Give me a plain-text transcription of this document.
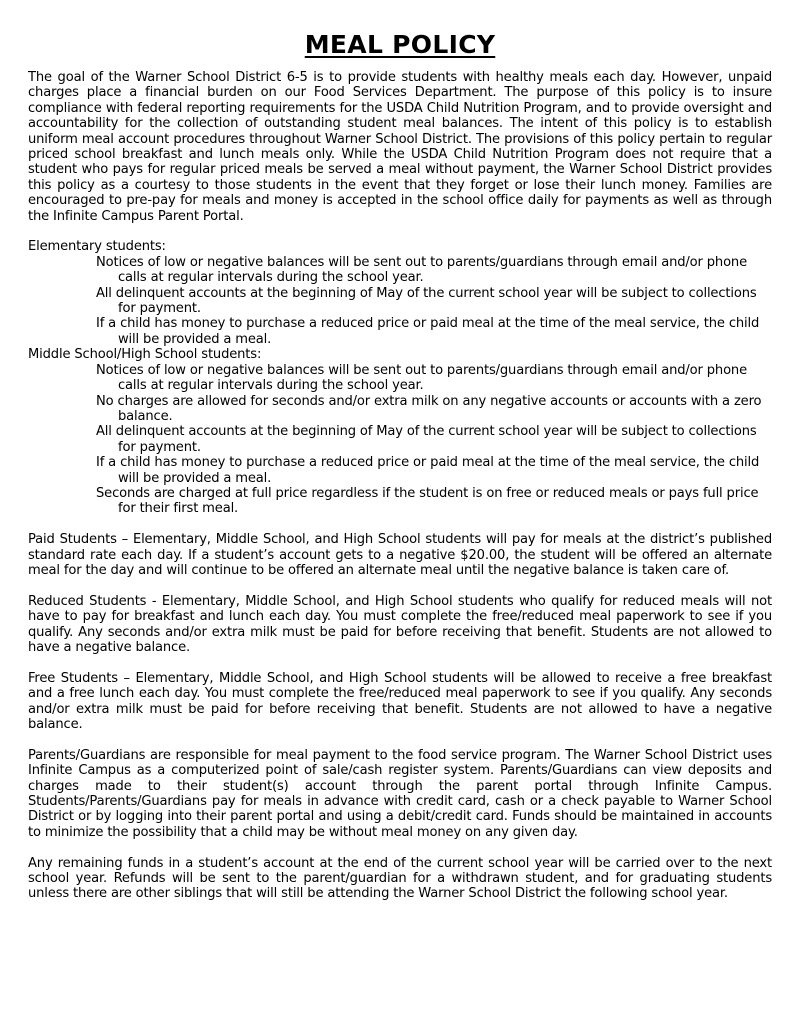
MEAL POLICY

The goal of the Warner School District 6-5 is to provide students with healthy meals each day. However, unpaid charges place a financial burden on our Food Services Department. The purpose of this policy is to insure compliance with federal reporting requirements for the USDA Child Nutrition Program, and to provide oversight and accountability for the collection of outstanding student meal balances. The intent of this policy is to establish uniform meal account procedures throughout Warner School District. The provisions of this policy pertain to regular priced school breakfast and lunch meals only. While the USDA Child Nutrition Program does not require that a student who pays for regular priced meals be served a meal without payment, the Warner School District provides this policy as a courtesy to those students in the event that they forget or lose their lunch money. Families are encouraged to pre-pay for meals and money is accepted in the school office daily for payments as well as through the Infinite Campus Parent Portal.

Elementary students:

Notices of low or negative balances will be sent out to parents/guardians through email and/or phone calls at regular intervals during the school year.
All delinquent accounts at the beginning of May of the current school year will be subject to collections for payment.
If a child has money to purchase a reduced price or paid meal at the time of the meal service, the child will be provided a meal.

Middle School/High School students:

Notices of low or negative balances will be sent out to parents/guardians through email and/or phone calls at regular intervals during the school year.
No charges are allowed for seconds and/or extra milk on any negative accounts or accounts with a zero balance.
All delinquent accounts at the beginning of May of the current school year will be subject to collections for payment.
If a child has money to purchase a reduced price or paid meal at the time of the meal service, the child will be provided a meal.
Seconds are charged at full price regardless if the student is on free or reduced meals or pays full price for their first meal.

Paid Students – Elementary, Middle School, and High School students will pay for meals at the district’s published standard rate each day. If a student’s account gets to a negative $20.00, the student will be offered an alternate meal for the day and will continue to be offered an alternate meal until the negative balance is taken care of.

Reduced Students - Elementary, Middle School, and High School students who qualify for reduced meals will not have to pay for breakfast and lunch each day. You must complete the free/reduced meal paperwork to see if you qualify. Any seconds and/or extra milk must be paid for before receiving that benefit. Students are not allowed to have a negative balance.

Free Students – Elementary, Middle School, and High School students will be allowed to receive a free breakfast and a free lunch each day. You must complete the free/reduced meal paperwork to see if you qualify. Any seconds and/or extra milk must be paid for before receiving that benefit. Students are not allowed to have a negative balance.

Parents/Guardians are responsible for meal payment to the food service program. The Warner School District uses Infinite Campus as a computerized point of sale/cash register system. Parents/Guardians can view deposits and charges made to their student(s) account through the parent portal through Infinite Campus. Students/Parents/Guardians pay for meals in advance with credit card, cash or a check payable to Warner School District or by logging into their parent portal and using a debit/credit card. Funds should be maintained in accounts to minimize the possibility that a child may be without meal money on any given day.

Any remaining funds in a student’s account at the end of the current school year will be carried over to the next school year. Refunds will be sent to the parent/guardian for a withdrawn student, and for graduating students unless there are other siblings that will still be attending the Warner School District the following school year.
